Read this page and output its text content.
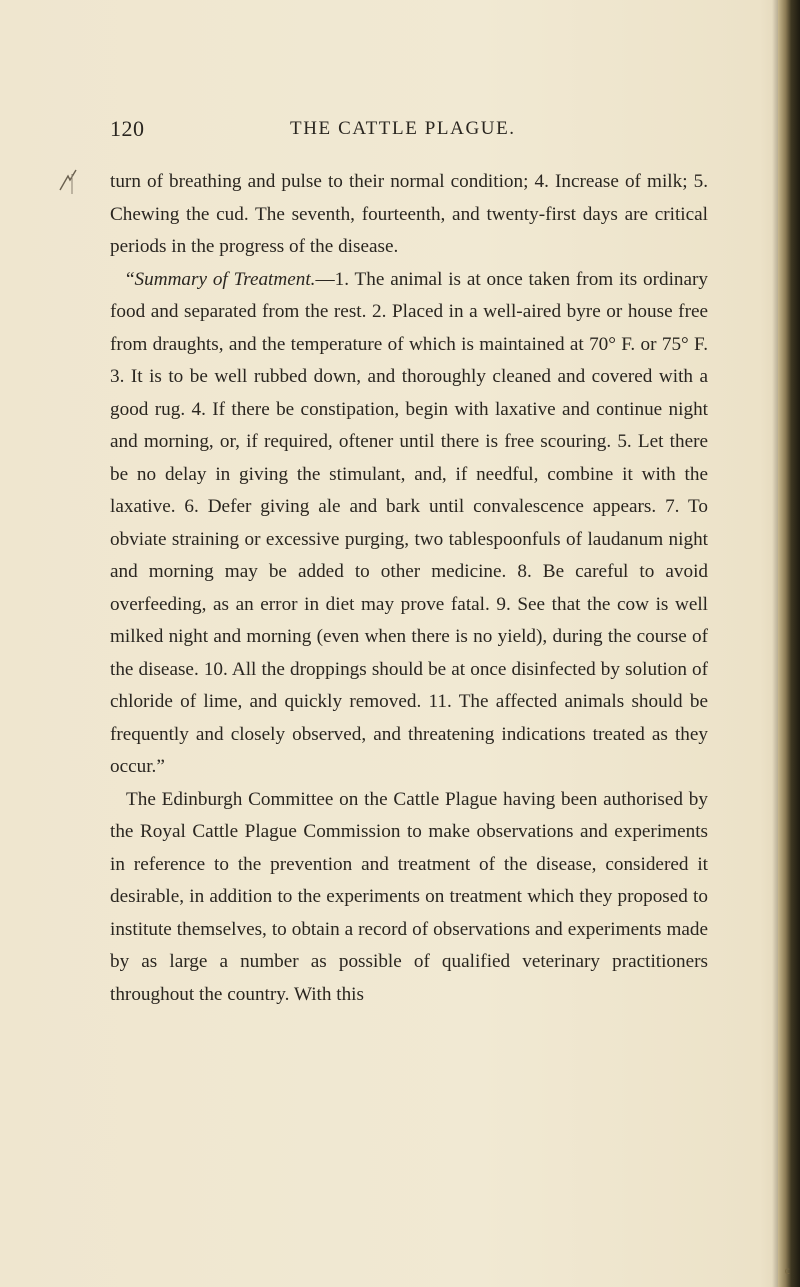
120	THE CATTLE PLAGUE.

turn of breathing and pulse to their normal condition; 4. Increase of milk; 5. Chewing the cud. The seventh, fourteenth, and twenty-first days are critical periods in the progress of the disease.

“Summary of Treatment.—1. The animal is at once taken from its ordinary food and separated from the rest. 2. Placed in a well-aired byre or house free from draughts, and the temperature of which is maintained at 70° F. or 75° F. 3. It is to be well rubbed down, and thoroughly cleaned and covered with a good rug. 4. If there be constipation, begin with laxative and continue night and morning, or, if required, oftener until there is free scouring. 5. Let there be no delay in giving the stimulant, and, if needful, combine it with the laxative. 6. Defer giving ale and bark until convalescence appears. 7. To obviate straining or excessive purging, two tablespoonfuls of laudanum night and morning may be added to other medicine. 8. Be careful to avoid overfeeding, as an error in diet may prove fatal. 9. See that the cow is well milked night and morning (even when there is no yield), during the course of the disease. 10. All the droppings should be at once disinfected by solution of chloride of lime, and quickly removed. 11. The affected animals should be frequently and closely observed, and threatening indications treated as they occur.”

The Edinburgh Committee on the Cattle Plague having been authorised by the Royal Cattle Plague Commission to make observations and experiments in reference to the prevention and treatment of the disease, considered it desirable, in addition to the experiments on treatment which they proposed to institute themselves, to obtain a record of observations and experiments made by as large a number as possible of qualified veterinary practitioners throughout the country. With this

c
